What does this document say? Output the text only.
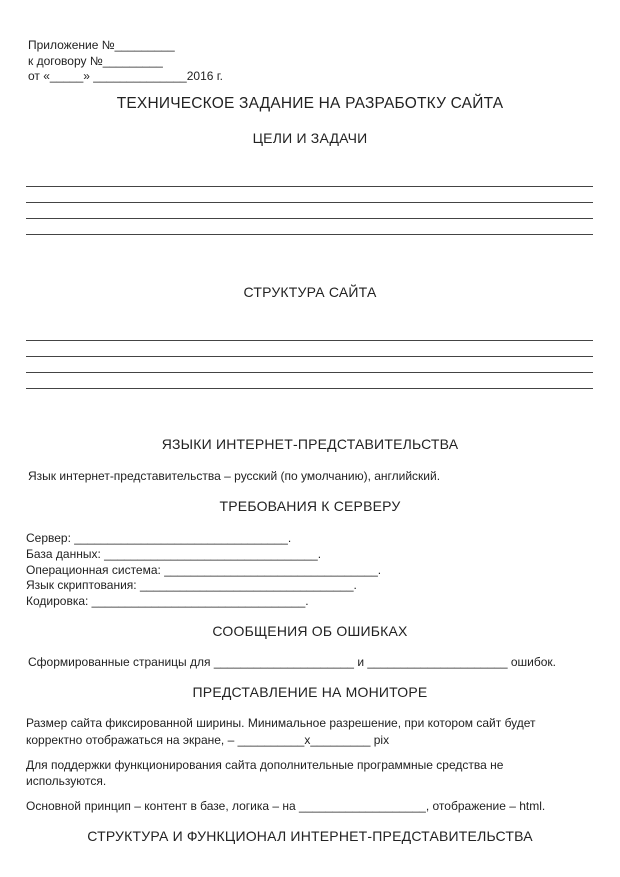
Приложение №_________
к договору №_________
от «_____» ______________2016 г.
ТЕХНИЧЕСКОЕ ЗАДАНИЕ НА РАЗРАБОТКУ САЙТА
ЦЕЛИ И ЗАДАЧИ
СТРУКТУРА САЙТА
ЯЗЫКИ ИНТЕРНЕТ-ПРЕДСТАВИТЕЛЬСТВА
Язык интернет-представительства – русский (по умолчанию), английский.
ТРЕБОВАНИЯ К СЕРВЕРУ
Сервер: ________________________________.
База данных: ________________________________.
Операционная система: ________________________________.
Язык скриптования: ________________________________.
Кодировка: ________________________________.
СООБЩЕНИЯ ОБ ОШИБКАХ
Сформированные страницы для _____________________ и _____________________ ошибок.
ПРЕДСТАВЛЕНИЕ НА МОНИТОРЕ
Размер сайта фиксированной ширины. Минимальное разрешение, при котором сайт будет
корректно отображаться на экране, – __________х_________ pix
Для поддержки функционирования сайта дополнительные программные средства не
используются.
Основной принцип – контент в базе, логика – на ___________________, отображение – html.
СТРУКТУРА И ФУНКЦИОНАЛ ИНТЕРНЕТ-ПРЕДСТАВИТЕЛЬСТВА
